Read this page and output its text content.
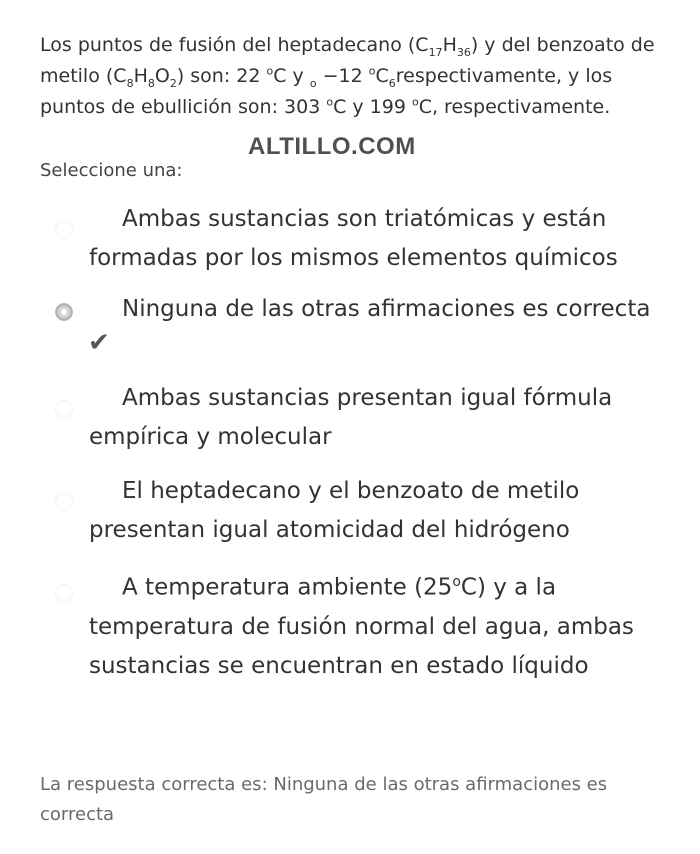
Los puntos de fusión del heptadecano $(C_{17}H_{36})$ y del benzoato de metilo $(C_8H_8O_2)$ son: 22 $^o$C y $_o$ −12 $^oC_6respectivamente$, y los puntos de ebullición son: 303 $^o$C y 199 $^o$C, respectivamente.
ALTILLO.COM
Seleccione una:
Ambas sustancias son triatómicas y están formadas por los mismos elementos químicos
Ninguna de las otras afirmaciones es correcta
✔
Ambas sustancias presentan igual fórmula empírica y molecular
El heptadecano y el benzoato de metilo presentan igual atomicidad del hidrógeno
A temperatura ambiente (25$^o$C) y a la temperatura de fusión normal del agua, ambas sustancias se encuentran en estado líquido
La respuesta correcta es: Ninguna de las otras afirmaciones es correcta
